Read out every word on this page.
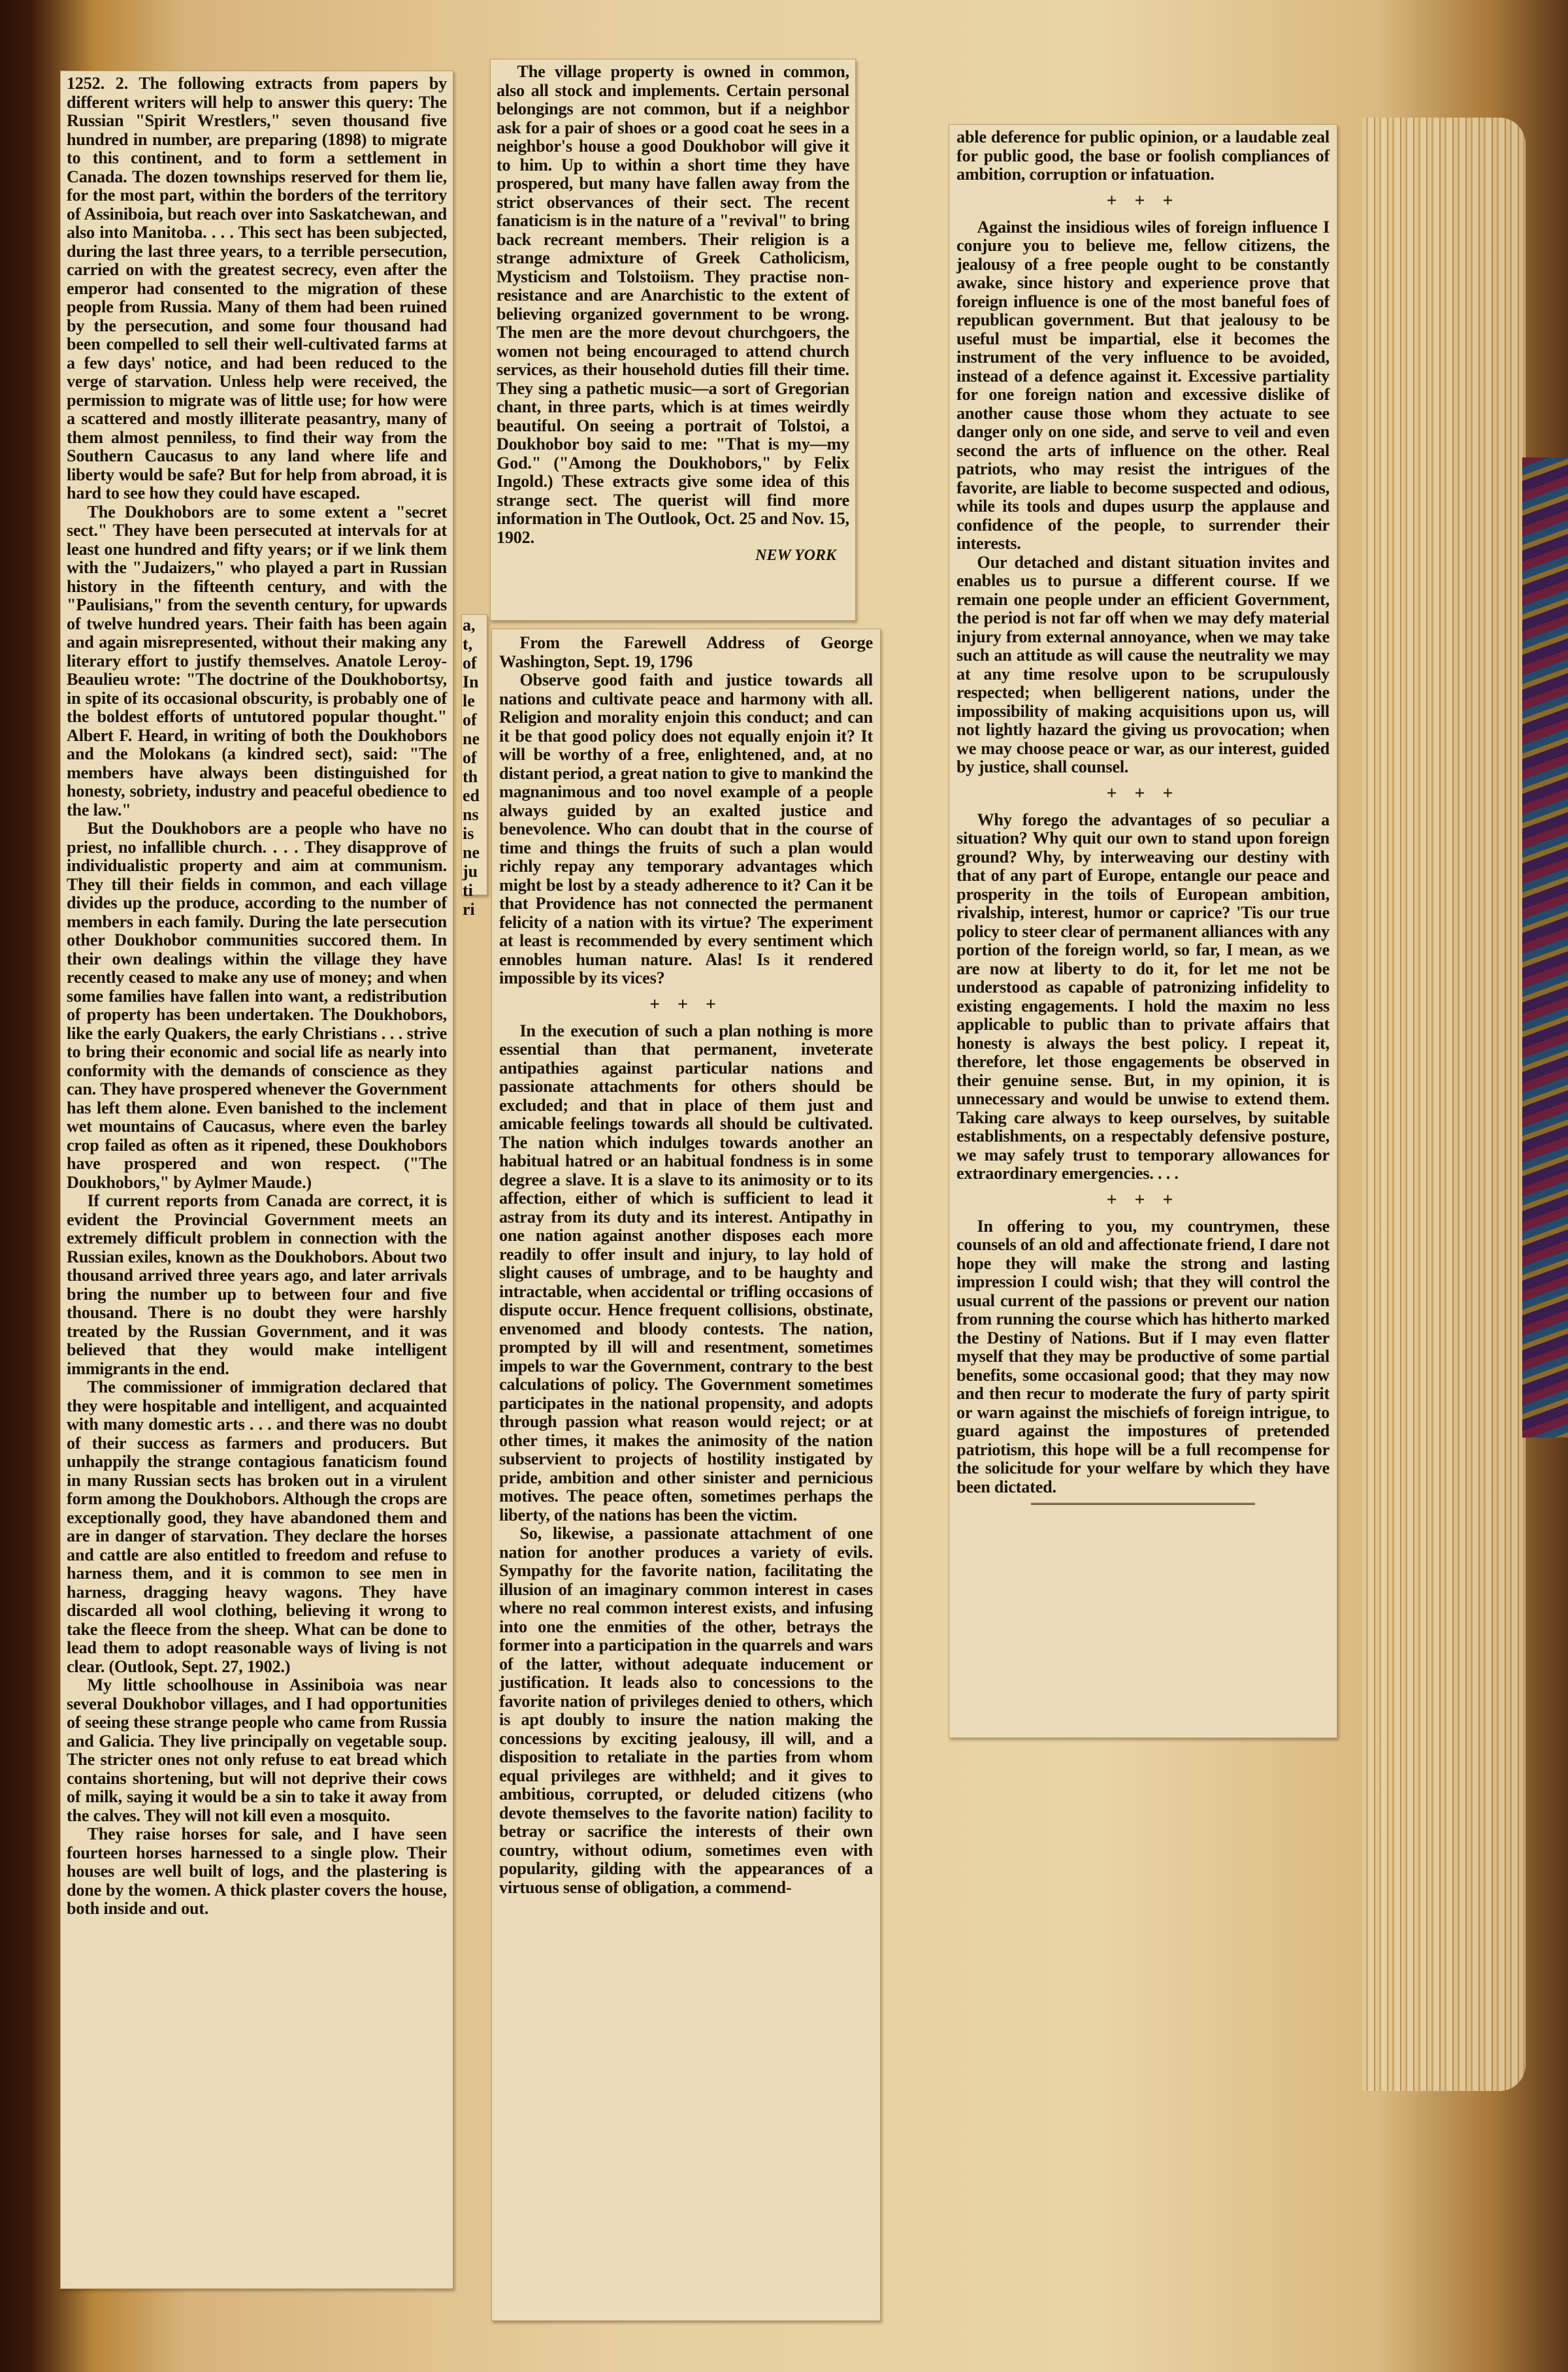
1252. 2. The following extracts from papers by different writers will help to answer this query: The Russian "Spirit Wrestlers," seven thousand five hundred in number, are preparing (1898) to migrate to this continent, and to form a settlement in Canada. The dozen townships reserved for them lie, for the most part, within the borders of the territory of Assiniboia, but reach over into Saskatchewan, and also into Manitoba. . . . This sect has been subjected, during the last three years, to a terrible persecution, carried on with the greatest secrecy, even after the emperor had consented to the migration of these people from Russia. Many of them had been ruined by the persecution, and some four thousand had been compelled to sell their well-cultivated farms at a few days' notice, and had been reduced to the verge of starvation. Unless help were received, the permission to migrate was of little use; for how were a scattered and mostly illiterate peasantry, many of them almost penniless, to find their way from the Southern Caucasus to any land where life and liberty would be safe? But for help from abroad, it is hard to see how they could have escaped.

The Doukhobors are to some extent a "secret sect." They have been persecuted at intervals for at least one hundred and fifty years; or if we link them with the "Judaizers," who played a part in Russian history in the fifteenth century, and with the "Paulisians," from the seventh century, for upwards of twelve hundred years. Their faith has been again and again misrepresented, without their making any literary effort to justify themselves. Anatole Leroy-Beaulieu wrote: "The doctrine of the Doukhobortsy, in spite of its occasional obscurity, is probably one of the boldest efforts of untutored popular thought." Albert F. Heard, in writing of both the Doukhobors and the Molokans (a kindred sect), said: "The members have always been distinguished for honesty, sobriety, industry and peaceful obedience to the law."

But the Doukhobors are a people who have no priest, no infallible church. . . . They disapprove of individualistic property and aim at communism. They till their fields in common, and each village divides up the produce, according to the number of members in each family. During the late persecution other Doukhobor communities succored them. In their own dealings within the village they have recently ceased to make any use of money; and when some families have fallen into want, a redistribution of property has been undertaken. The Doukhobors, like the early Quakers, the early Christians . . . strive to bring their economic and social life as nearly into conformity with the demands of conscience as they can. They have prospered whenever the Government has left them alone. Even banished to the inclement wet mountains of Caucasus, where even the barley crop failed as often as it ripened, these Doukhobors have prospered and won respect. ("The Doukhobors," by Aylmer Maude.)

If current reports from Canada are correct, it is evident the Provincial Government meets an extremely difficult problem in connection with the Russian exiles, known as the Doukhobors. About two thousand arrived three years ago, and later arrivals bring the number up to between four and five thousand. There is no doubt they were harshly treated by the Russian Government, and it was believed that they would make intelligent immigrants in the end.

The commissioner of immigration declared that they were hospitable and intelligent, and acquainted with many domestic arts . . . and there was no doubt of their success as farmers and producers. But unhappily the strange contagious fanaticism found in many Russian sects has broken out in a virulent form among the Doukhobors. Although the crops are exceptionally good, they have abandoned them and are in danger of starvation. They declare the horses and cattle are also entitled to freedom and refuse to harness them, and it is common to see men in harness, dragging heavy wagons. They have discarded all wool clothing, believing it wrong to take the fleece from the sheep. What can be done to lead them to adopt reasonable ways of living is not clear. (Outlook, Sept. 27, 1902.)

My little schoolhouse in Assiniboia was near several Doukhobor villages, and I had opportunities of seeing these strange people who came from Russia and Galicia. They live principally on vegetable soup. The stricter ones not only refuse to eat bread which contains shortening, but will not deprive their cows of milk, saying it would be a sin to take it away from the calves. They will not kill even a mosquito.

They raise horses for sale, and I have seen fourteen horses harnessed to a single plow. Their houses are well built of logs, and the plastering is done by the women. A thick plaster covers the house, both inside and out.

The village property is owned in common, also all stock and implements. Certain personal belongings are not common, but if a neighbor ask for a pair of shoes or a good coat he sees in a neighbor's house a good Doukhobor will give it to him. Up to within a short time they have prospered, but many have fallen away from the strict observances of their sect. The recent fanaticism is in the nature of a "revival" to bring back recreant members. Their religion is a strange admixture of Greek Catholicism, Mysticism and Tolstoiism. They practise non-resistance and are Anarchistic to the extent of believing organized government to be wrong. The men are the more devout churchgoers, the women not being encouraged to attend church services, as their household duties fill their time. They sing a pathetic music—a sort of Gregorian chant, in three parts, which is at times weirdly beautiful. On seeing a portrait of Tolstoi, a Doukhobor boy said to me: "That is my—my God." ("Among the Doukhobors," by Felix Ingold.) These extracts give some idea of this strange sect. The querist will find more information in The Outlook, Oct. 25 and Nov. 15, 1902.

NEW YORK
a,
t,
of
In
le
of
ne
of
th
ed
ns
is
ne
ju
ti
ri

From the Farewell Address of George Washington, Sept. 19, 1796

Observe good faith and justice towards all nations and cultivate peace and harmony with all. Religion and morality enjoin this conduct; and can it be that good policy does not equally enjoin it? It will be worthy of a free, enlightened, and, at no distant period, a great nation to give to mankind the magnanimous and too novel example of a people always guided by an exalted justice and benevolence. Who can doubt that in the course of time and things the fruits of such a plan would richly repay any temporary advantages which might be lost by a steady adherence to it? Can it be that Providence has not connected the permanent felicity of a nation with its virtue? The experiment at least is recommended by every sentiment which ennobles human nature. Alas! Is it rendered impossible by its vices?

+ + +

In the execution of such a plan nothing is more essential than that permanent, inveterate antipathies against particular nations and passionate attachments for others should be excluded; and that in place of them just and amicable feelings towards all should be cultivated. The nation which indulges towards another an habitual hatred or an habitual fondness is in some degree a slave. It is a slave to its animosity or to its affection, either of which is sufficient to lead it astray from its duty and its interest. Antipathy in one nation against another disposes each more readily to offer insult and injury, to lay hold of slight causes of umbrage, and to be haughty and intractable, when accidental or trifling occasions of dispute occur. Hence frequent collisions, obstinate, envenomed and bloody contests. The nation, prompted by ill will and resentment, sometimes impels to war the Government, contrary to the best calculations of policy. The Government sometimes participates in the national propensity, and adopts through passion what reason would reject; or at other times, it makes the animosity of the nation subservient to projects of hostility instigated by pride, ambition and other sinister and pernicious motives. The peace often, sometimes perhaps the liberty, of the nations has been the victim.

So, likewise, a passionate attachment of one nation for another produces a variety of evils. Sympathy for the favorite nation, facilitating the illusion of an imaginary common interest in cases where no real common interest exists, and infusing into one the enmities of the other, betrays the former into a participation in the quarrels and wars of the latter, without adequate inducement or justification. It leads also to concessions to the favorite nation of privileges denied to others, which is apt doubly to insure the nation making the concessions by exciting jealousy, ill will, and a disposition to retaliate in the parties from whom equal privileges are withheld; and it gives to ambitious, corrupted, or deluded citizens (who devote themselves to the favorite nation) facility to betray or sacrifice the interests of their own country, without odium, sometimes even with popularity, gilding with the appearances of a virtuous sense of obligation, a commend-

able deference for public opinion, or a laudable zeal for public good, the base or foolish compliances of ambition, corruption or infatuation.

+ + +

Against the insidious wiles of foreign influence I conjure you to believe me, fellow citizens, the jealousy of a free people ought to be constantly awake, since history and experience prove that foreign influence is one of the most baneful foes of republican government. But that jealousy to be useful must be impartial, else it becomes the instrument of the very influence to be avoided, instead of a defence against it. Excessive partiality for one foreign nation and excessive dislike of another cause those whom they actuate to see danger only on one side, and serve to veil and even second the arts of influence on the other. Real patriots, who may resist the intrigues of the favorite, are liable to become suspected and odious, while its tools and dupes usurp the applause and confidence of the people, to surrender their interests.

Our detached and distant situation invites and enables us to pursue a different course. If we remain one people under an efficient Government, the period is not far off when we may defy material injury from external annoyance, when we may take such an attitude as will cause the neutrality we may at any time resolve upon to be scrupulously respected; when belligerent nations, under the impossibility of making acquisitions upon us, will not lightly hazard the giving us provocation; when we may choose peace or war, as our interest, guided by justice, shall counsel.

+ + +

Why forego the advantages of so peculiar a situation? Why quit our own to stand upon foreign ground? Why, by interweaving our destiny with that of any part of Europe, entangle our peace and prosperity in the toils of European ambition, rivalship, interest, humor or caprice? 'Tis our true policy to steer clear of permanent alliances with any portion of the foreign world, so far, I mean, as we are now at liberty to do it, for let me not be understood as capable of patronizing infidelity to existing engagements. I hold the maxim no less applicable to public than to private affairs that honesty is always the best policy. I repeat it, therefore, let those engagements be observed in their genuine sense. But, in my opinion, it is unnecessary and would be unwise to extend them. Taking care always to keep ourselves, by suitable establishments, on a respectably defensive posture, we may safely trust to temporary allowances for extraordinary emergencies. . . .

+ + +

In offering to you, my countrymen, these counsels of an old and affectionate friend, I dare not hope they will make the strong and lasting impression I could wish; that they will control the usual current of the passions or prevent our nation from running the course which has hitherto marked the Destiny of Nations. But if I may even flatter myself that they may be productive of some partial benefits, some occasional good; that they may now and then recur to moderate the fury of party spirit or warn against the mischiefs of foreign intrigue, to guard against the impostures of pretended patriotism, this hope will be a full recompense for the solicitude for your welfare by which they have been dictated.
